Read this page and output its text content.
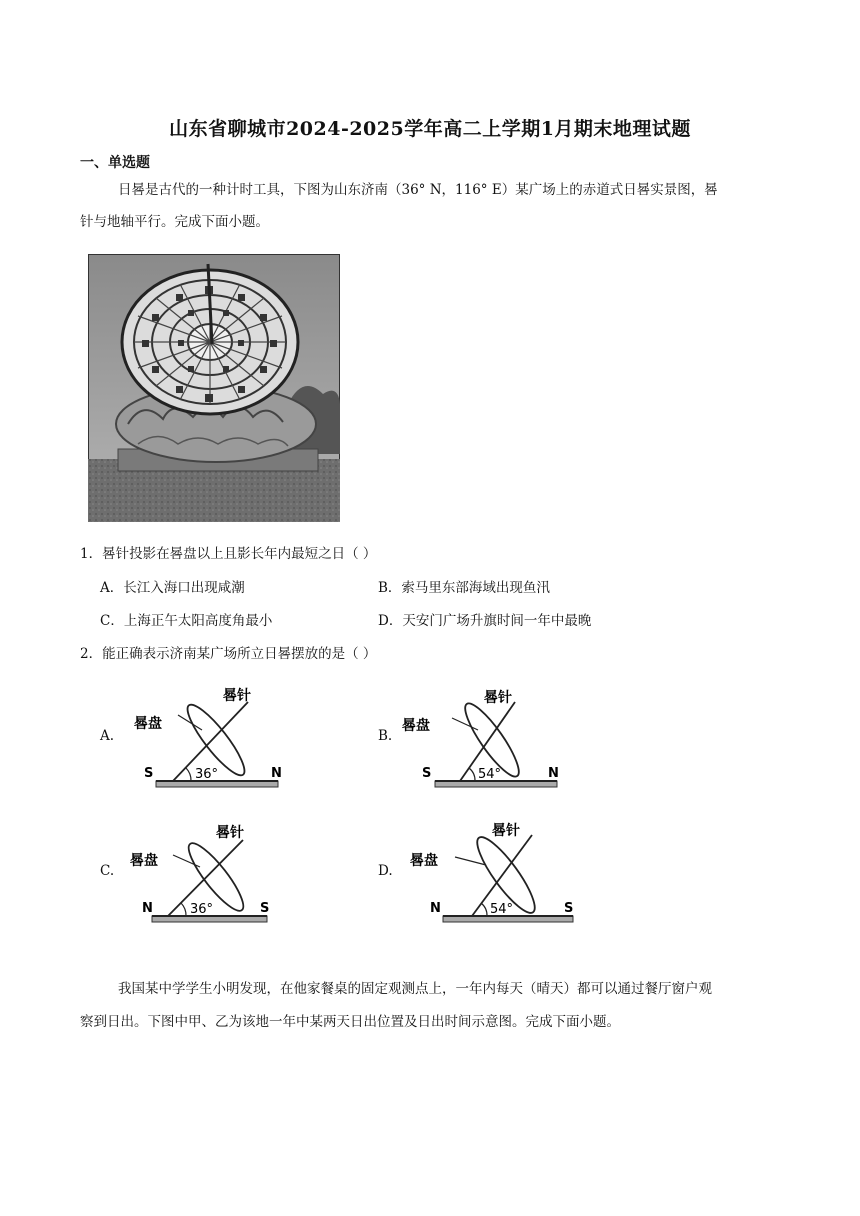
山东省聊城市2024-2025学年高二上学期1月期末地理试题
一、单选题
日晷是古代的一种计时工具，下图为山东济南（36° N，116° E）某广场上的赤道式日晷实景图，晷
针与地轴平行。完成下面小题。
1．晷针投影在晷盘以上且影长年内最短之日（ ）
A．长江入海口出现咸潮	B．索马里东部海域出现鱼汛
C．上海正午太阳高度角最小	D．天安门广场升旗时间一年中最晚
2．能正确表示济南某广场所立日晷摆放的是（ ）
A.	B.
C.	D.
晷针
晷盘
S	N
36°
晷针
晷盘
S	N
54°
晷针
晷盘
N	S
36°
晷针
晷盘
N	S
54°
我国某中学学生小明发现，在他家餐桌的固定观测点上，一年内每天（晴天）都可以通过餐厅窗户观
察到日出。下图中甲、乙为该地一年中某两天日出位置及日出时间示意图。完成下面小题。
